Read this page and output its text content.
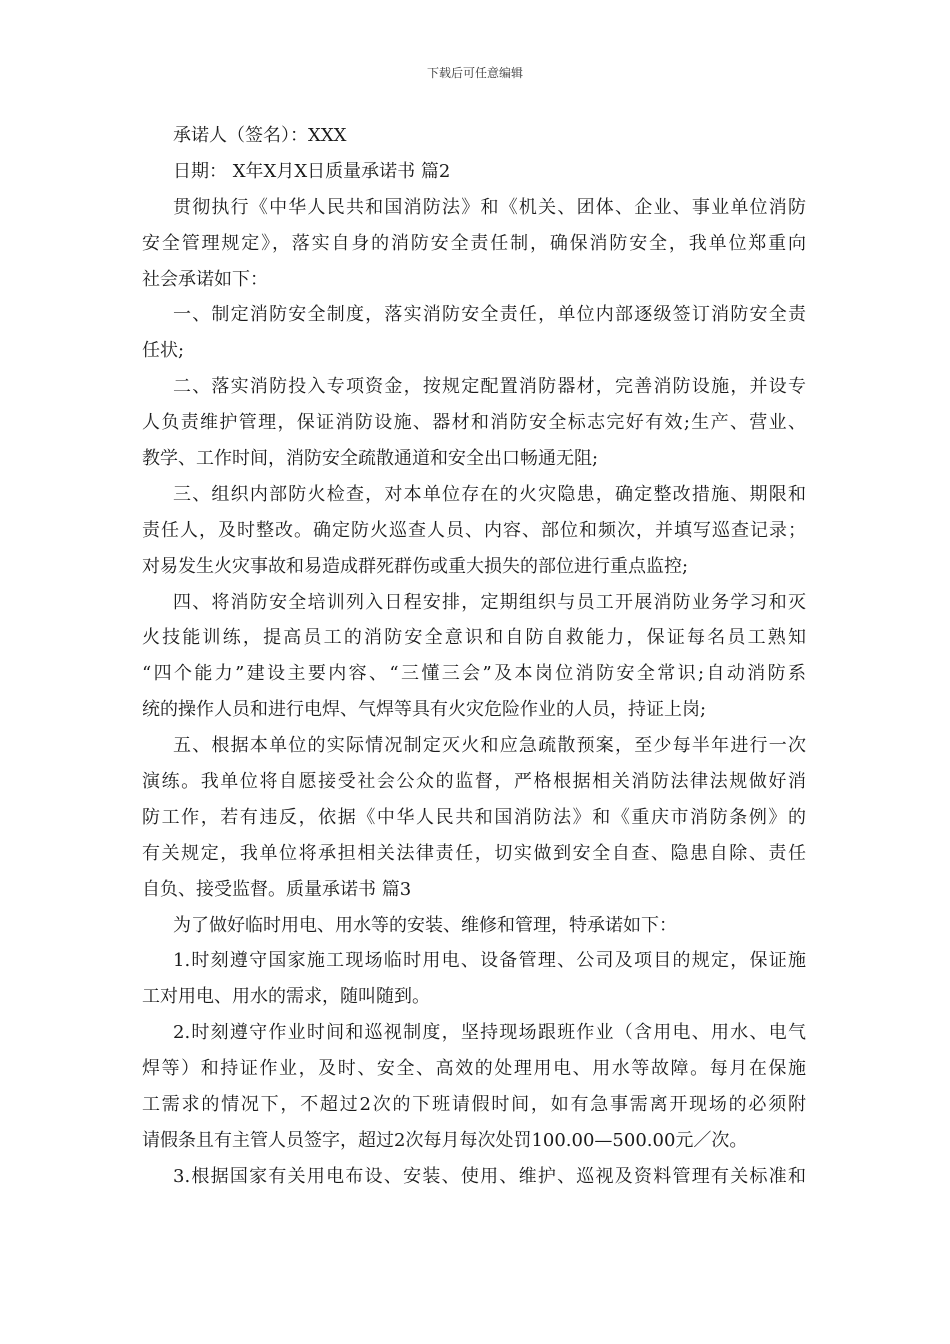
下载后可任意编辑
承诺人（签名）：XXX
日期： X年X月X日质量承诺书 篇2
贯彻执行《中华人民共和国消防法》和《机关、团体、企业、事业单位消防
安全管理规定》，落实自身的消防安全责任制，确保消防安全，我单位郑重向
社会承诺如下：
一、制定消防安全制度，落实消防安全责任，单位内部逐级签订消防安全责
任状;
二、落实消防投入专项资金，按规定配置消防器材，完善消防设施，并设专
人负责维护管理，保证消防设施、器材和消防安全标志完好有效;生产、营业、
教学、工作时间，消防安全疏散通道和安全出口畅通无阻;
三、组织内部防火检查，对本单位存在的火灾隐患，确定整改措施、期限和
责任人，及时整改。确定防火巡查人员、内容、部位和频次，并填写巡查记录；
对易发生火灾事故和易造成群死群伤或重大损失的部位进行重点监控;
四、将消防安全培训列入日程安排，定期组织与员工开展消防业务学习和灭
火技能训练，提高员工的消防安全意识和自防自救能力，保证每名员工熟知
“四个能力”建设主要内容、“三懂三会”及本岗位消防安全常识;自动消防系
统的操作人员和进行电焊、气焊等具有火灾危险作业的人员，持证上岗;
五、根据本单位的实际情况制定灭火和应急疏散预案，至少每半年进行一次
演练。我单位将自愿接受社会公众的监督，严格根据相关消防法律法规做好消
防工作，若有违反，依据《中华人民共和国消防法》和《重庆市消防条例》的
有关规定，我单位将承担相关法律责任，切实做到安全自查、隐患自除、责任
自负、接受监督。质量承诺书 篇3
为了做好临时用电、用水等的安装、维修和管理，特承诺如下：
1.时刻遵守国家施工现场临时用电、设备管理、公司及项目的规定，保证施
工对用电、用水的需求，随叫随到。
2.时刻遵守作业时间和巡视制度，坚持现场跟班作业（含用电、用水、电气
焊等）和持证作业，及时、安全、高效的处理用电、用水等故障。每月在保施
工需求的情况下，不超过2次的下班请假时间，如有急事需离开现场的必须附
请假条且有主管人员签字，超过2次每月每次处罚100.00—500.00元／次。
3.根据国家有关用电布设、安装、使用、维护、巡视及资料管理有关标准和
